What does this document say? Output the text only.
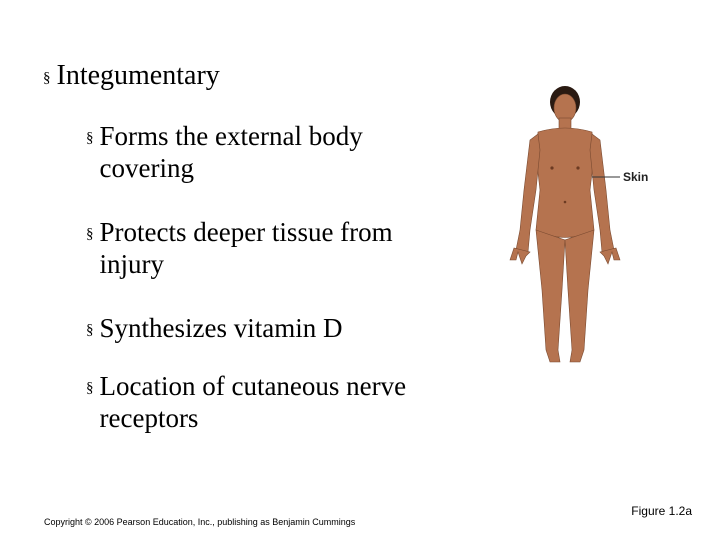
§ Integumentary
§ Forms the external body covering
§ Protects deeper tissue from injury
§ Synthesizes vitamin D
§ Location of cutaneous nerve receptors
Skin
Figure 1.2a
Copyright © 2006 Pearson Education, Inc., publishing as Benjamin Cummings
